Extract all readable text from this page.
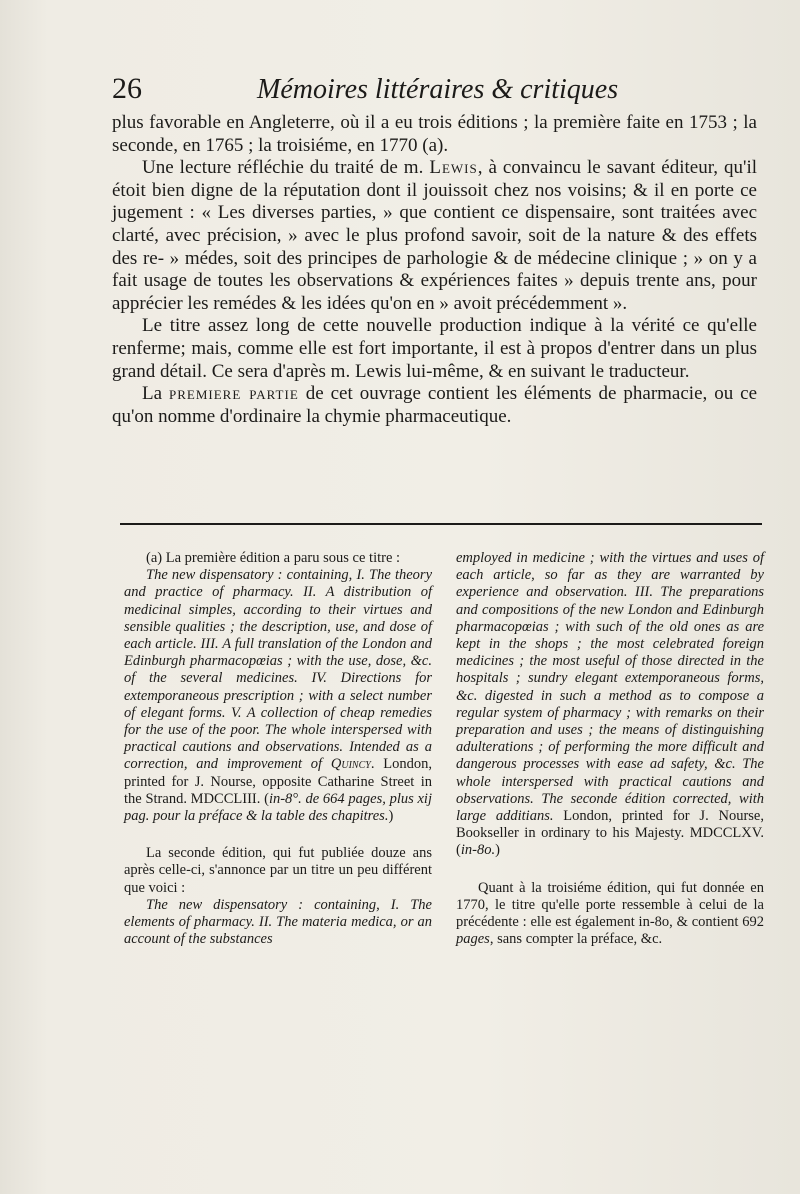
26	Mémoires littéraires & critiques

plus favorable en Angleterre, où il a eu trois éditions ; la première faite en 1753 ; la seconde, en 1765 ; la troisiéme, en 1770 (a).

Une lecture réfléchie du traité de m. Lewis, à convaincu le savant éditeur, qu'il étoit bien digne de la réputation dont il jouissoit chez nos voisins; & il en porte ce jugement : « Les diverses parties, » que contient ce dispensaire, sont traitées avec clarté, avec précision, » avec le plus profond savoir, soit de la nature & des effets des re- » médes, soit des principes de parhologie & de médecine clinique ; » on y a fait usage de toutes les observations & expériences faites » depuis trente ans, pour apprécier les remédes & les idées qu'on en » avoit précédemment ».

Le titre assez long de cette nouvelle production indique à la vérité ce qu'elle renferme; mais, comme elle est fort importante, il est à propos d'entrer dans un plus grand détail. Ce sera d'après m. Lewis lui-même, & en suivant le traducteur.

La premiere partie de cet ouvrage contient les éléments de pharmacie, ou ce qu'on nomme d'ordinaire la chymie pharmaceutique.

(a) La première édition a paru sous ce titre :

The new dispensatory : containing, I. The theory and practice of pharmacy. II. A distribution of medicinal simples, according to their virtues and sensible qualities ; the description, use, and dose of each article. III. A full translation of the London and Edinburgh pharmacopœias ; with the use, dose, &c. of the several medicines. IV. Directions for extemporaneous prescription ; with a select number of elegant forms. V. A collection of cheap remedies for the use of the poor. The whole interspersed with practical cautions and observations. Intended as a correction, and improvement of Quincy. London, printed for J. Nourse, opposite Catharine Street in the Strand. MDCCLIII. (in-8°. de 664 pages, plus xij pag. pour la préface & la table des chapitres.)

La seconde édition, qui fut publiée douze ans après celle-ci, s'annonce par un titre un peu différent que voici :

The new dispensatory : containing, I. The elements of pharmacy. II. The materia medica, or an account of the substances

employed in medicine ; with the virtues and uses of each article, so far as they are warranted by experience and observation. III. The preparations and compositions of the new London and Edinburgh pharmacopœias ; with such of the old ones as are kept in the shops ; the most celebrated foreign medicines ; the most useful of those directed in the hospitals ; sundry elegant extemporaneous forms, &c. digested in such a method as to compose a regular system of pharmacy ; with remarks on their preparation and uses ; the means of distinguishing adulterations ; of performing the more difficult and dangerous processes with ease ad safety, &c. The whole interspersed with practical cautions and observations. The seconde édition corrected, with large additians. London, printed for J. Nourse, Bookseller in ordinary to his Majesty. MDCCLXV. (in-8o.)

Quant à la troisiéme édition, qui fut donnée en 1770, le titre qu'elle porte ressemble à celui de la précédente : elle est également in-8o, & contient 692 pages, sans compter la préface, &c.
